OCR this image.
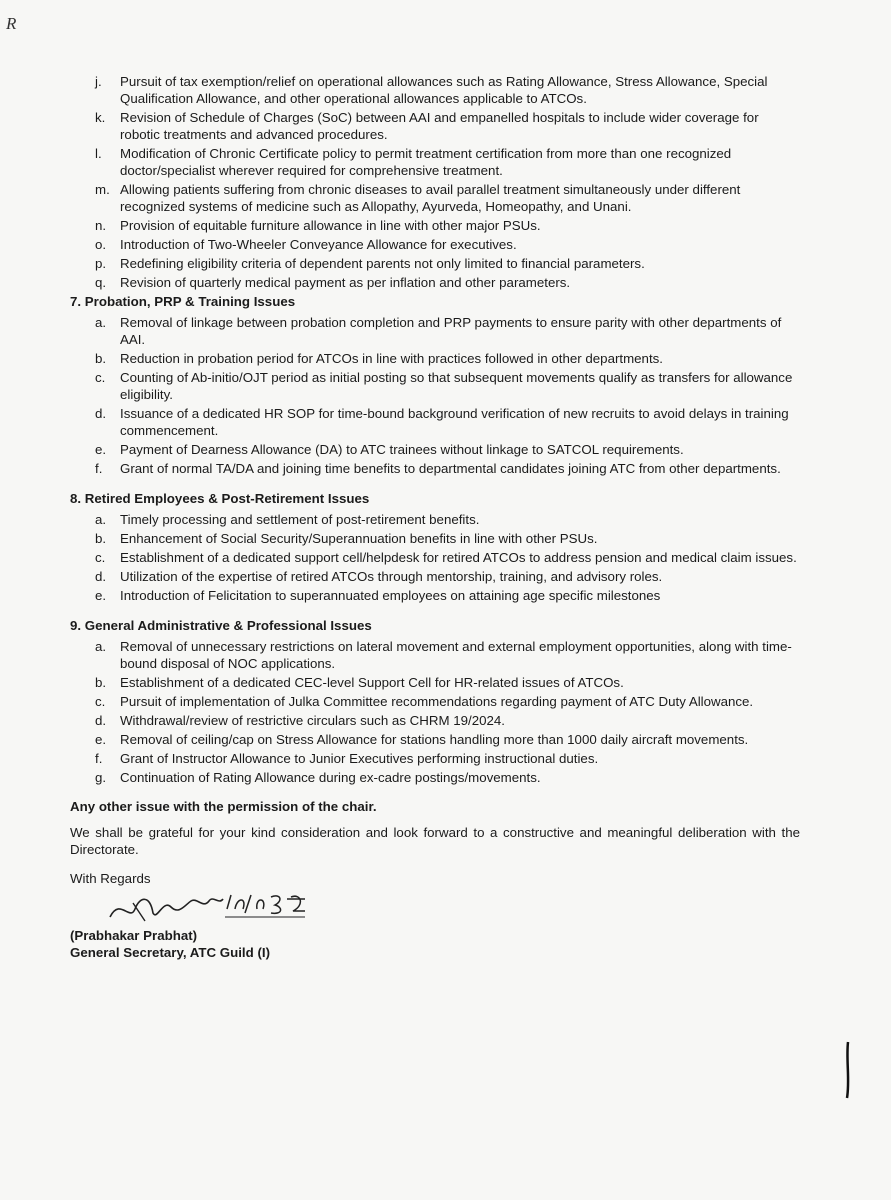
R
j.	Pursuit of tax exemption/relief on operational allowances such as Rating Allowance, Stress Allowance, Special Qualification Allowance, and other operational allowances applicable to ATCOs.
k.	Revision of Schedule of Charges (SoC) between AAI and empanelled hospitals to include wider coverage for robotic treatments and advanced procedures.
l.	Modification of Chronic Certificate policy to permit treatment certification from more than one recognized doctor/specialist wherever required for comprehensive treatment.
m. Allowing patients suffering from chronic diseases to avail parallel treatment simultaneously under different recognized systems of medicine such as Allopathy, Ayurveda, Homeopathy, and Unani.
n.	Provision of equitable furniture allowance in line with other major PSUs.
o.	Introduction of Two-Wheeler Conveyance Allowance for executives.
p.	Redefining eligibility criteria of dependent parents not only limited to financial parameters.
q.	Revision of quarterly medical payment as per inflation and other parameters.
7. Probation, PRP & Training Issues
a.	Removal of linkage between probation completion and PRP payments to ensure parity with other departments of AAI.
b.	Reduction in probation period for ATCOs in line with practices followed in other departments.
c.	Counting of Ab-initio/OJT period as initial posting so that subsequent movements qualify as transfers for allowance eligibility.
d.	Issuance of a dedicated HR SOP for time-bound background verification of new recruits to avoid delays in training commencement.
e.	Payment of Dearness Allowance (DA) to ATC trainees without linkage to SATCOL requirements.
f.	Grant of normal TA/DA and joining time benefits to departmental candidates joining ATC from other departments.
8. Retired Employees & Post-Retirement Issues
a.	Timely processing and settlement of post-retirement benefits.
b.	Enhancement of Social Security/Superannuation benefits in line with other PSUs.
c.	Establishment of a dedicated support cell/helpdesk for retired ATCOs to address pension and medical claim issues.
d.	Utilization of the expertise of retired ATCOs through mentorship, training, and advisory roles.
e.	Introduction of Felicitation to superannuated employees on attaining age specific milestones
9. General Administrative & Professional Issues
a.	Removal of unnecessary restrictions on lateral movement and external employment opportunities, along with time-bound disposal of NOC applications.
b.	Establishment of a dedicated CEC-level Support Cell for HR-related issues of ATCOs.
c.	Pursuit of implementation of Julka Committee recommendations regarding payment of ATC Duty Allowance.
d.	Withdrawal/review of restrictive circulars such as CHRM 19/2024.
e.	Removal of ceiling/cap on Stress Allowance for stations handling more than 1000 daily aircraft movements.
f.	Grant of Instructor Allowance to Junior Executives performing instructional duties.
g.	Continuation of Rating Allowance during ex-cadre postings/movements.
Any other issue with the permission of the chair.
We shall be grateful for your kind consideration and look forward to a constructive and meaningful deliberation with the Directorate.
With Regards
(Prabhakar Prabhat)
General Secretary, ATC Guild (I)
